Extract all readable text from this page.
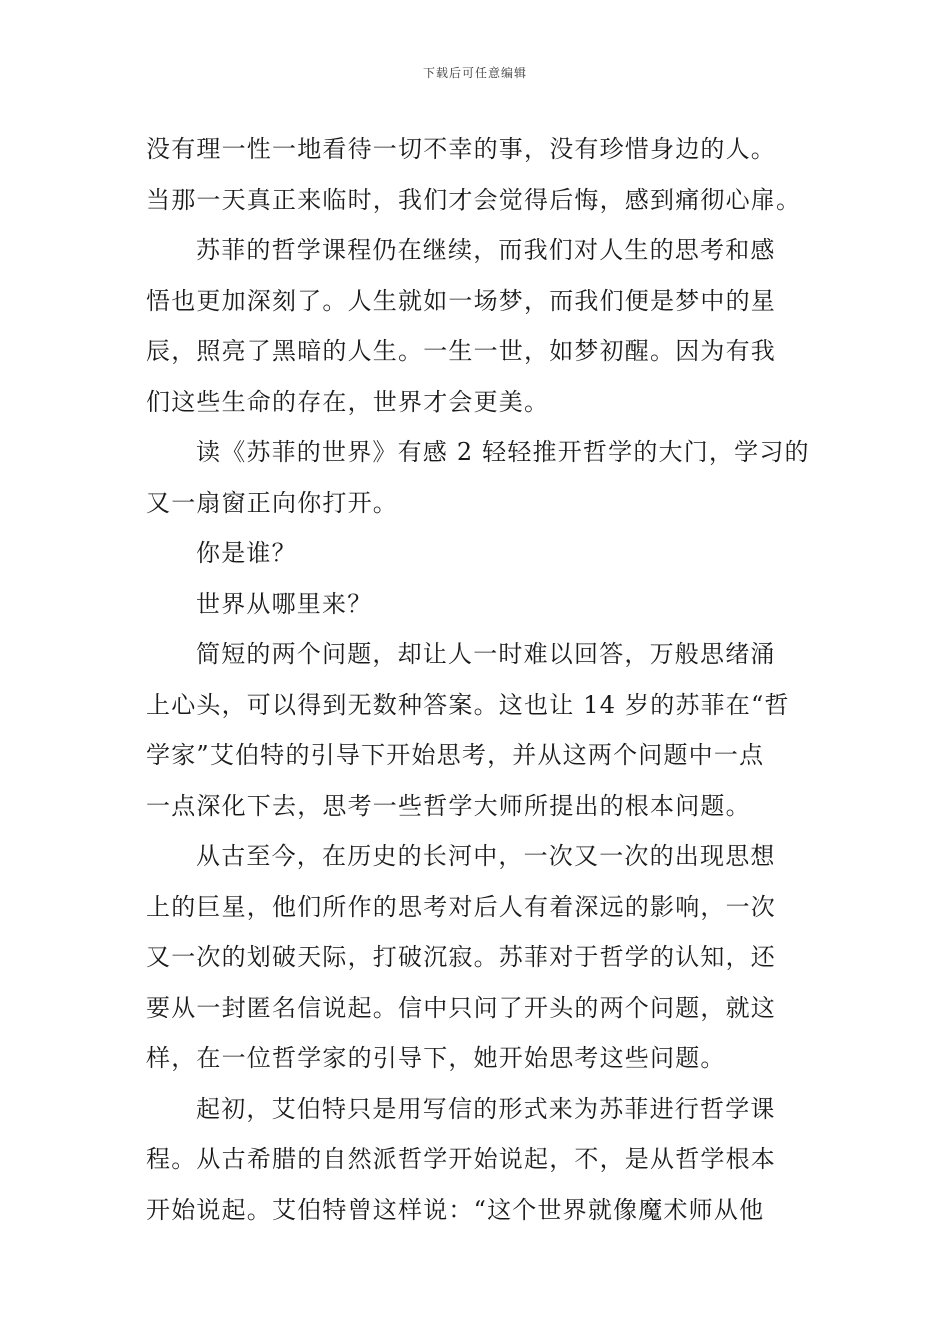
下载后可任意编辑
没有理一性一地看待一切不幸的事，没有珍惜身边的人。
当那一天真正来临时，我们才会觉得后悔，感到痛彻心扉。
苏菲的哲学课程仍在继续，而我们对人生的思考和感
悟也更加深刻了。人生就如一场梦，而我们便是梦中的星
辰，照亮了黑暗的人生。一生一世，如梦初醒。因为有我
们这些生命的存在，世界才会更美。
读《苏菲的世界》有感 2 轻轻推开哲学的大门，学习的
又一扇窗正向你打开。
你是谁？
世界从哪里来？
简短的两个问题，却让人一时难以回答，万般思绪涌
上心头，可以得到无数种答案。这也让 14 岁的苏菲在“哲
学家”艾伯特的引导下开始思考，并从这两个问题中一点
一点深化下去，思考一些哲学大师所提出的根本问题。
从古至今，在历史的长河中，一次又一次的出现思想
上的巨星，他们所作的思考对后人有着深远的影响，一次
又一次的划破天际，打破沉寂。苏菲对于哲学的认知，还
要从一封匿名信说起。信中只问了开头的两个问题，就这
样，在一位哲学家的引导下，她开始思考这些问题。
起初，艾伯特只是用写信的形式来为苏菲进行哲学课
程。从古希腊的自然派哲学开始说起，不，是从哲学根本
开始说起。艾伯特曾这样说：“这个世界就像魔术师从他
